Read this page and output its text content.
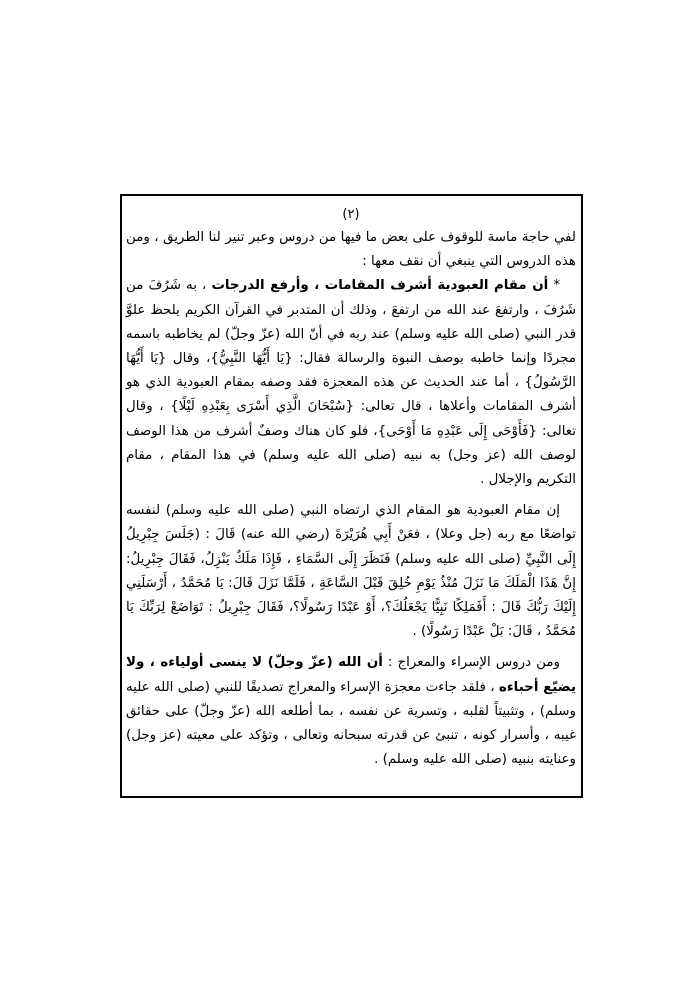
(٢)

لفي حاجة ماسة للوقوف على بعض ما فيها من دروس وعبر تنير لنا الطريق ، ومن هذه الدروس التي ينبغي أن نقف معها :

* أن مقام العبودية أشرف المقامات ، وأرفع الدرجات ، به شَرُفَ من شَرُفَ ، وارتفعَ عند الله من ارتفعَ ، وذلك أن المتدبر في القرآن الكريم يلحظ علوَّ قدر النبي (صلى الله عليه وسلم) عند ربه في أنّ الله (عزّ وجلّ) لم يخاطبه باسمه مجردًا وإنما خاطبه بوصف النبوة والرسالة فقال: {يَا أَيُّهَا النَّبِيُّ}، وقال {يَا أَيُّهَا الرَّسُولُ} ، أما عند الحديث عن هذه المعجزة فقد وصفه بمقام العبودية الذي هو أشرف المقامات وأعلاها ، قال تعالى: {سُبْحَانَ الَّذِي أَسْرَى بِعَبْدِهِ لَيْلًا} ، وقال تعالى: {فَأَوْحَى إِلَى عَبْدِهِ مَا أَوْحَى}، فلو كان هناك وصفٌ أشرف من هذا الوصف لوصف الله (عز وجل) به نبيه (صلى الله عليه وسلم) في هذا المقام ، مقام التكريم والإجلال .

إن مقام العبودية هو المقام الذي ارتضاه النبي (صلى الله عليه وسلم) لنفسه تواضعًا مع ربه (جل وعلا) ، فعَنْ أَبِي هُرَيْرَةَ (رضي الله عنه) قَالَ : (جَلَسَ جِبْرِيلُ إِلَى النَّبِيِّ (صلى الله عليه وسلم) فَنَظَرَ إِلَى السَّمَاءِ ، فَإِذَا مَلَكٌ يَنْزِلُ، فَقَالَ جِبْرِيلُ: إِنَّ هَذَا الْمَلَكَ مَا نَزَلَ مُنْذُ يَوْمِ خُلِقَ قَبْلَ السَّاعَةِ ، فَلَمَّا نَزَلَ قَالَ: يَا مُحَمَّدُ ، أَرْسَلَنِي إِلَيْكَ رَبُّكَ قَالَ : أَفَمَلِكًا نَبِيًّا يَجْعَلُكَ؟، أَوْ عَبْدًا رَسُولًا؟، فَقَالَ جِبْرِيلُ : تَوَاضَعْ لِرَبِّكَ يَا مُحَمَّدُ ، قَالَ: بَلْ عَبْدًا رَسُولًا) .

ومن دروس الإسراء والمعراج : أن الله (عزّ وجلّ) لا ينسى أولياءه ، ولا يضيّع أحباءه ، فلقد جاءت معجزة الإسراء والمعراج تصديقًا للنبي (صلى الله عليه وسلم) ، وتثبيتاً لقلبه ، وتسرية عن نفسه ، بما أطلعه الله (عزّ وجلّ) على حقائق غيبه ، وأسرار كونه ، تنبئ عن قدرته سبحانه وتعالى ، وتؤكد على معيته (عز وجل) وعنايته بنبيه (صلى الله عليه وسلم) .
